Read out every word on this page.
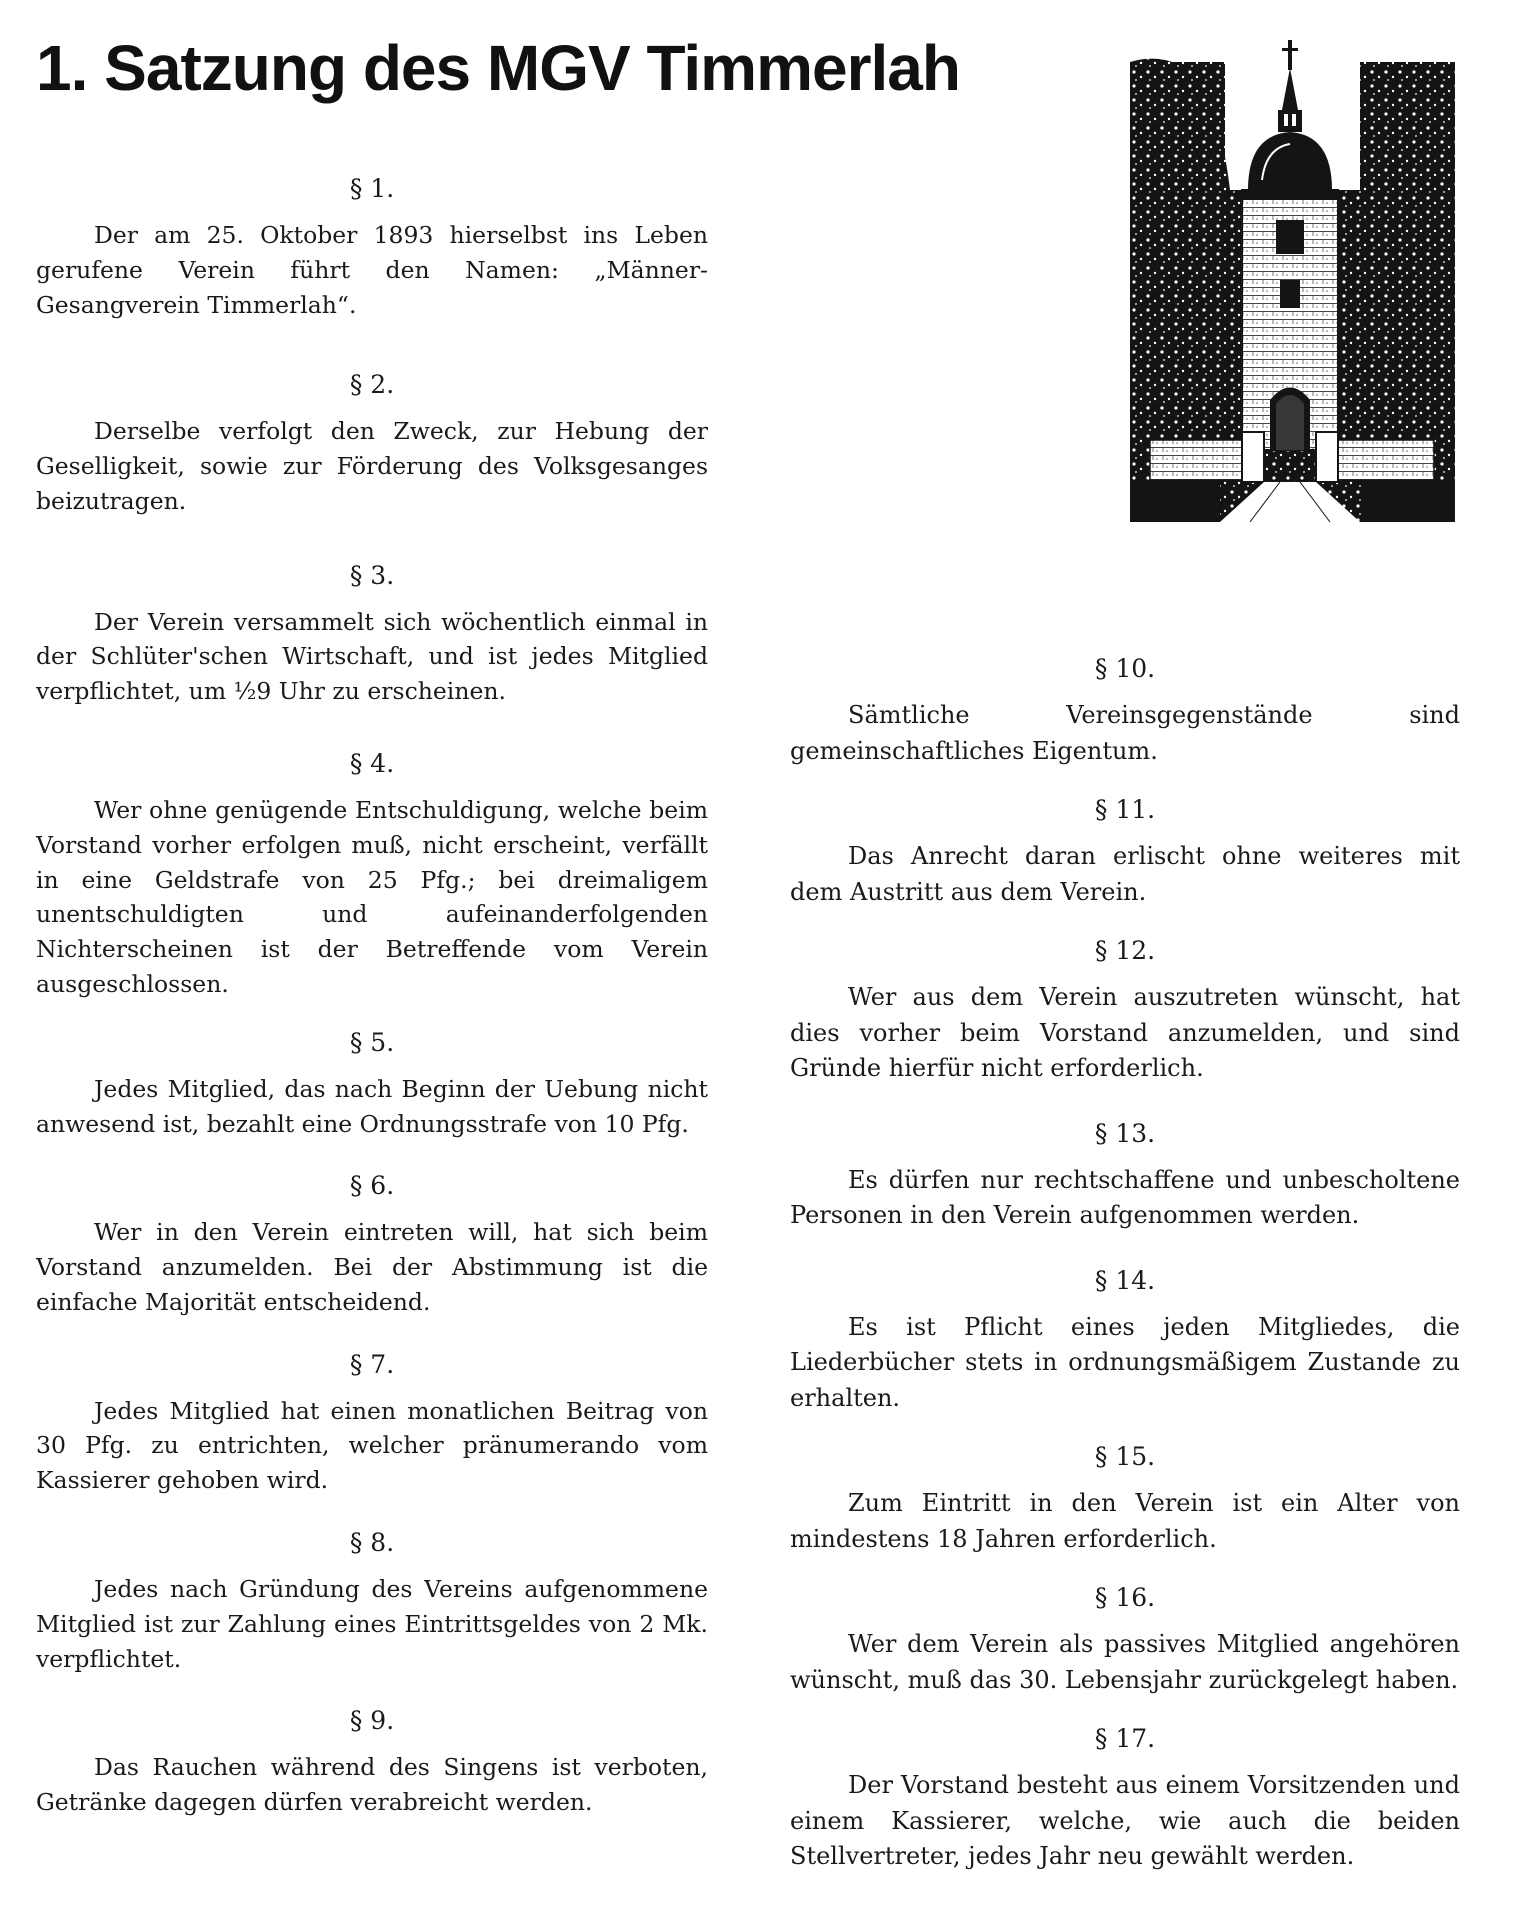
1. Satzung des MGV Timmerlah

§ 1.

Der am 25. Oktober 1893 hierselbst ins Leben gerufene Verein führt den Namen: „Männer-Gesangverein Timmerlah“.

§ 2.

Derselbe verfolgt den Zweck, zur Hebung der Geselligkeit, sowie zur Förderung des Volksgesanges beizutragen.

§ 3.

Der Verein versammelt sich wöchentlich einmal in der Schlüter'schen Wirtschaft, und ist jedes Mitglied verpflichtet, um ½9 Uhr zu erscheinen.

§ 4.

Wer ohne genügende Entschuldigung, welche beim Vorstand vorher erfolgen muß, nicht erscheint, verfällt in eine Geldstrafe von 25 Pfg.; bei dreimaligem unentschuldigten und aufeinanderfolgenden Nichterscheinen ist der Betreffende vom Verein ausgeschlossen.

§ 5.

Jedes Mitglied, das nach Beginn der Uebung nicht anwesend ist, bezahlt eine Ordnungsstrafe von 10 Pfg.

§ 6.

Wer in den Verein eintreten will, hat sich beim Vorstand anzumelden. Bei der Abstimmung ist die einfache Majorität entscheidend.

§ 7.

Jedes Mitglied hat einen monatlichen Beitrag von 30 Pfg. zu entrichten, welcher pränumerando vom Kassierer gehoben wird.

§ 8.

Jedes nach Gründung des Vereins aufgenommene Mitglied ist zur Zahlung eines Eintrittsgeldes von 2 Mk. verpflichtet.

§ 9.

Das Rauchen während des Singens ist verboten, Getränke dagegen dürfen verabreicht werden.

§ 10.

Sämtliche Vereinsgegenstände sind gemeinschaftliches Eigentum.

§ 11.

Das Anrecht daran erlischt ohne weiteres mit dem Austritt aus dem Verein.

§ 12.

Wer aus dem Verein auszutreten wünscht, hat dies vorher beim Vorstand anzumelden, und sind Gründe hierfür nicht erforderlich.

§ 13.

Es dürfen nur rechtschaffene und unbescholtene Personen in den Verein aufgenommen werden.

§ 14.

Es ist Pflicht eines jeden Mitgliedes, die Liederbücher stets in ordnungsmäßigem Zustande zu erhalten.

§ 15.

Zum Eintritt in den Verein ist ein Alter von mindestens 18 Jahren erforderlich.

§ 16.

Wer dem Verein als passives Mitglied angehören wünscht, muß das 30. Lebensjahr zurückgelegt haben.

§ 17.

Der Vorstand besteht aus einem Vorsitzenden und einem Kassierer, welche, wie auch die beiden Stellvertreter, jedes Jahr neu gewählt werden.
